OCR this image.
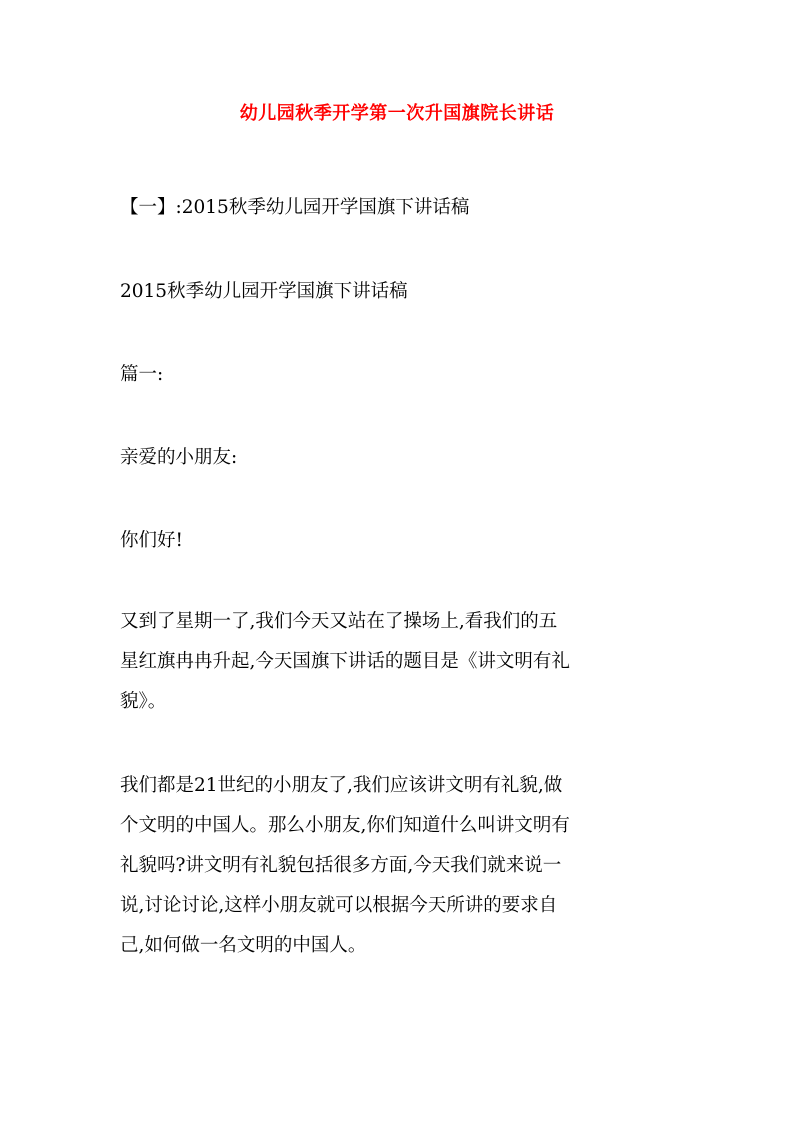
幼儿园秋季开学第一次升国旗院长讲话
【一】:2015秋季幼儿园开学国旗下讲话稿
2015秋季幼儿园开学国旗下讲话稿
篇一:
亲爱的小朋友:
你们好!
又到了星期一了,我们今天又站在了操场上,看我们的五
星红旗冉冉升起,今天国旗下讲话的题目是《讲文明有礼
貌》。
我们都是21世纪的小朋友了,我们应该讲文明有礼貌,做
个文明的中国人。那么小朋友,你们知道什么叫讲文明有
礼貌吗?讲文明有礼貌包括很多方面,今天我们就来说一
说,讨论讨论,这样小朋友就可以根据今天所讲的要求自
己,如何做一名文明的中国人。
